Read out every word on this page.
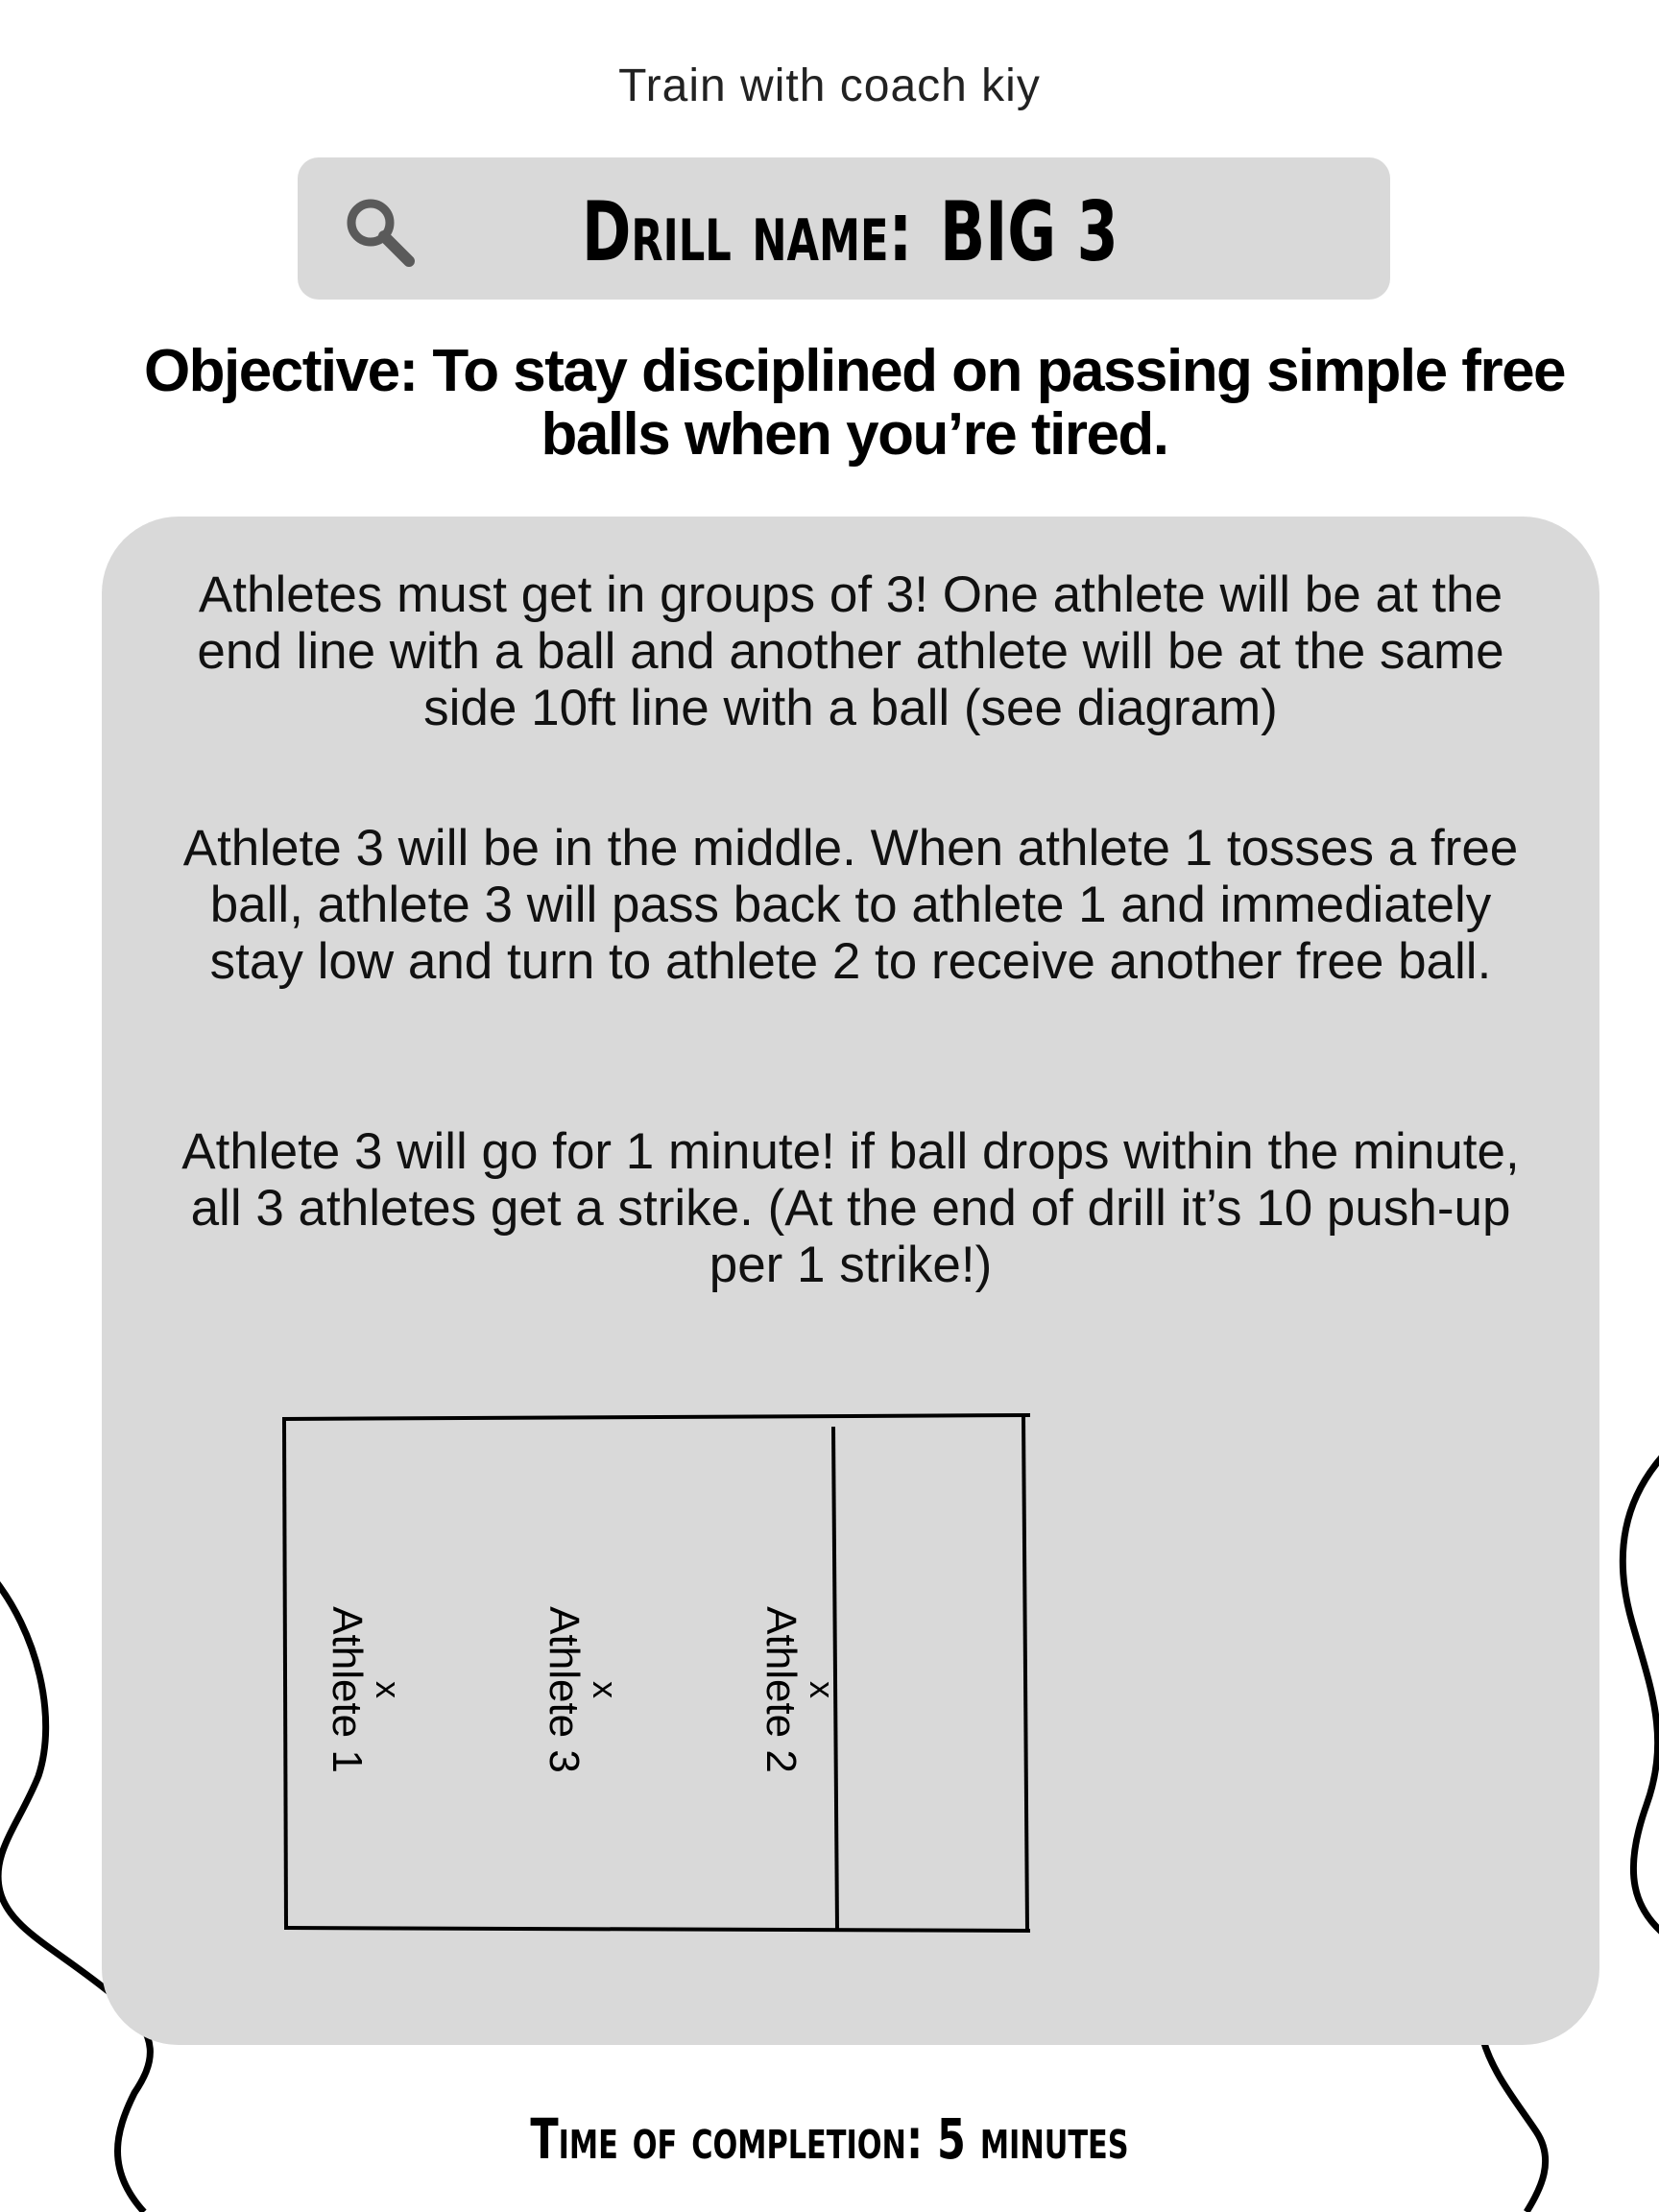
Train with coach kiy
Drill name: BIG 3
Objective: To stay disciplined on passing simple free balls when you’re tired.
Athletes must get in groups of 3! One athlete will be at the end line with a ball and another athlete will be at the same side 10ft line with a ball (see diagram)
Athlete 3 will be in the middle. When athlete 1 tosses a free ball, athlete 3 will pass back to athlete 1 and immediately stay low and turn to athlete 2 to receive another free ball.
Athlete 3 will go for 1 minute! if ball drops within the minute, all 3 athletes get a strike. (At the end of drill it’s 10 push-up per 1 strike!)
x
Athlete 1	x
Athlete 3	x
Athlete 2
Time of completion: 5 minutes
